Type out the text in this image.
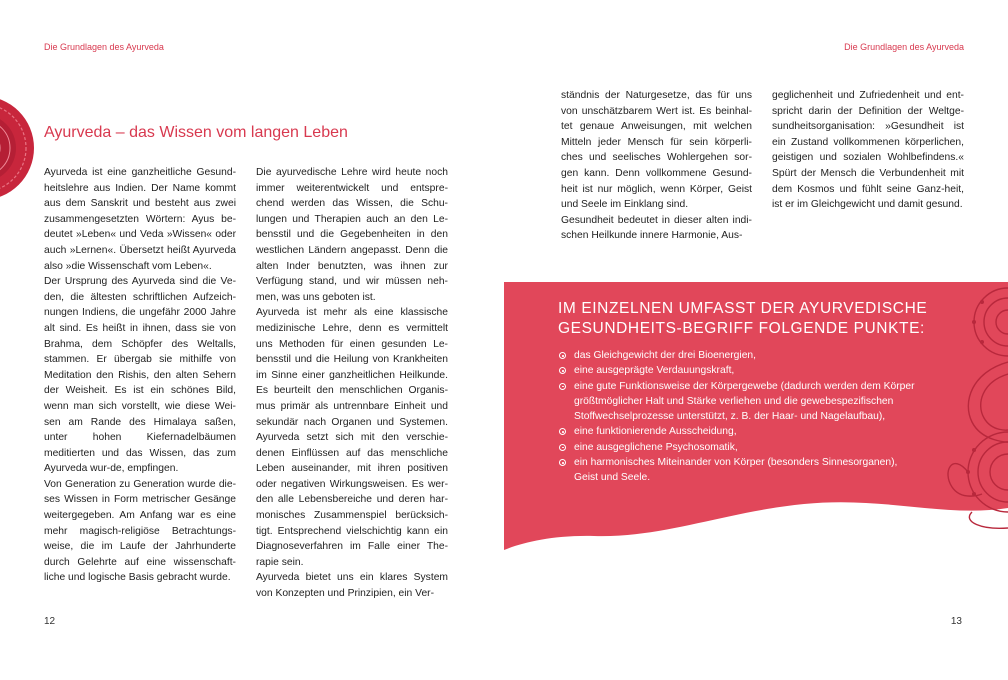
Die Grundlagen des Ayurveda	Die Grundlagen des Ayurveda
Ayurveda – das Wissen vom langen Leben

Ayurveda ist eine ganzheitliche Gesund-heitslehre aus Indien. Der Name kommt aus dem Sanskrit und besteht aus zwei zusammengesetzten Wörtern: Ayus be-deutet »Leben« und Veda »Wissen« oder auch »Lernen«. Übersetzt heißt Ayurveda also »die Wissenschaft vom Leben«.

Der Ursprung des Ayurveda sind die Ve-den, die ältesten schriftlichen Aufzeich-nungen Indiens, die ungefähr 2000 Jahre alt sind. Es heißt in ihnen, dass sie von Brahma, dem Schöpfer des Weltalls, stammen. Er übergab sie mithilfe von Meditation den Rishis, den alten Sehern der Weisheit. Es ist ein schönes Bild, wenn man sich vorstellt, wie diese Wei-sen am Rande des Himalaya saßen, unter hohen Kiefernadelbäumen meditierten und das Wissen, das zum Ayurveda wur-de, empfingen.

Von Generation zu Generation wurde die-ses Wissen in Form metrischer Gesänge weitergegeben. Am Anfang war es eine mehr magisch-religiöse Betrachtungs-weise, die im Laufe der Jahrhunderte durch Gelehrte auf eine wissenschaft-liche und logische Basis gebracht wurde.

Die ayurvedische Lehre wird heute noch immer weiterentwickelt und entspre-chend werden das Wissen, die Schu-lungen und Therapien auch an den Le-bensstil und die Gegebenheiten in den westlichen Ländern angepasst. Denn die alten Inder benutzten, was ihnen zur Verfügung stand, und wir müssen neh-men, was uns geboten ist.

Ayurveda ist mehr als eine klassische medizinische Lehre, denn es vermittelt uns Methoden für einen gesunden Le-bensstil und die Heilung von Krankheiten im Sinne einer ganzheitlichen Heilkunde. Es beurteilt den menschlichen Organis-mus primär als untrennbare Einheit und sekundär nach Organen und Systemen. Ayurveda setzt sich mit den verschie-denen Einflüssen auf das menschliche Leben auseinander, mit ihren positiven oder negativen Wirkungsweisen. Es wer-den alle Lebensbereiche und deren har-monisches Zusammenspiel berücksich-tigt. Entsprechend vielschichtig kann ein Diagnoseverfahren im Falle einer The-rapie sein.

Ayurveda bietet uns ein klares System von Konzepten und Prinzipien, ein Ver-

ständnis der Naturgesetze, das für uns von unschätzbarem Wert ist. Es beinhal-tet genaue Anweisungen, mit welchen Mitteln jeder Mensch für sein körperli-ches und seelisches Wohlergehen sor-gen kann. Denn vollkommene Gesund-heit ist nur möglich, wenn Körper, Geist und Seele im Einklang sind.

Gesundheit bedeutet in dieser alten indi-schen Heilkunde innere Harmonie, Aus-

geglichenheit und Zufriedenheit und ent-spricht darin der Definition der Weltge-sundheitsorganisation: »Gesundheit ist ein Zustand vollkommenen körperlichen, geistigen und sozialen Wohlbefindens.« Spürt der Mensch die Verbundenheit mit dem Kosmos und fühlt seine Ganz-heit, ist er im Gleichgewicht und damit gesund.

IM EINZELNEN UMFASST DER AYURVEDISCHE
GESUNDHEITS-BEGRIFF FOLGENDE PUNKTE:
das Gleichgewicht der drei Bioenergien,
eine ausgeprägte Verdauungskraft,
eine gute Funktionsweise der Körpergewebe (dadurch werden dem Körper größtmöglicher Halt und Stärke verliehen und die gewebespezifischen Stoffwechselprozesse unterstützt, z. B. der Haar- und Nagelaufbau),
eine funktionierende Ausscheidung,
eine ausgeglichene Psychosomatik,
ein harmonisches Miteinander von Körper (besonders Sinnesorganen), Geist und Seele.
12	13
